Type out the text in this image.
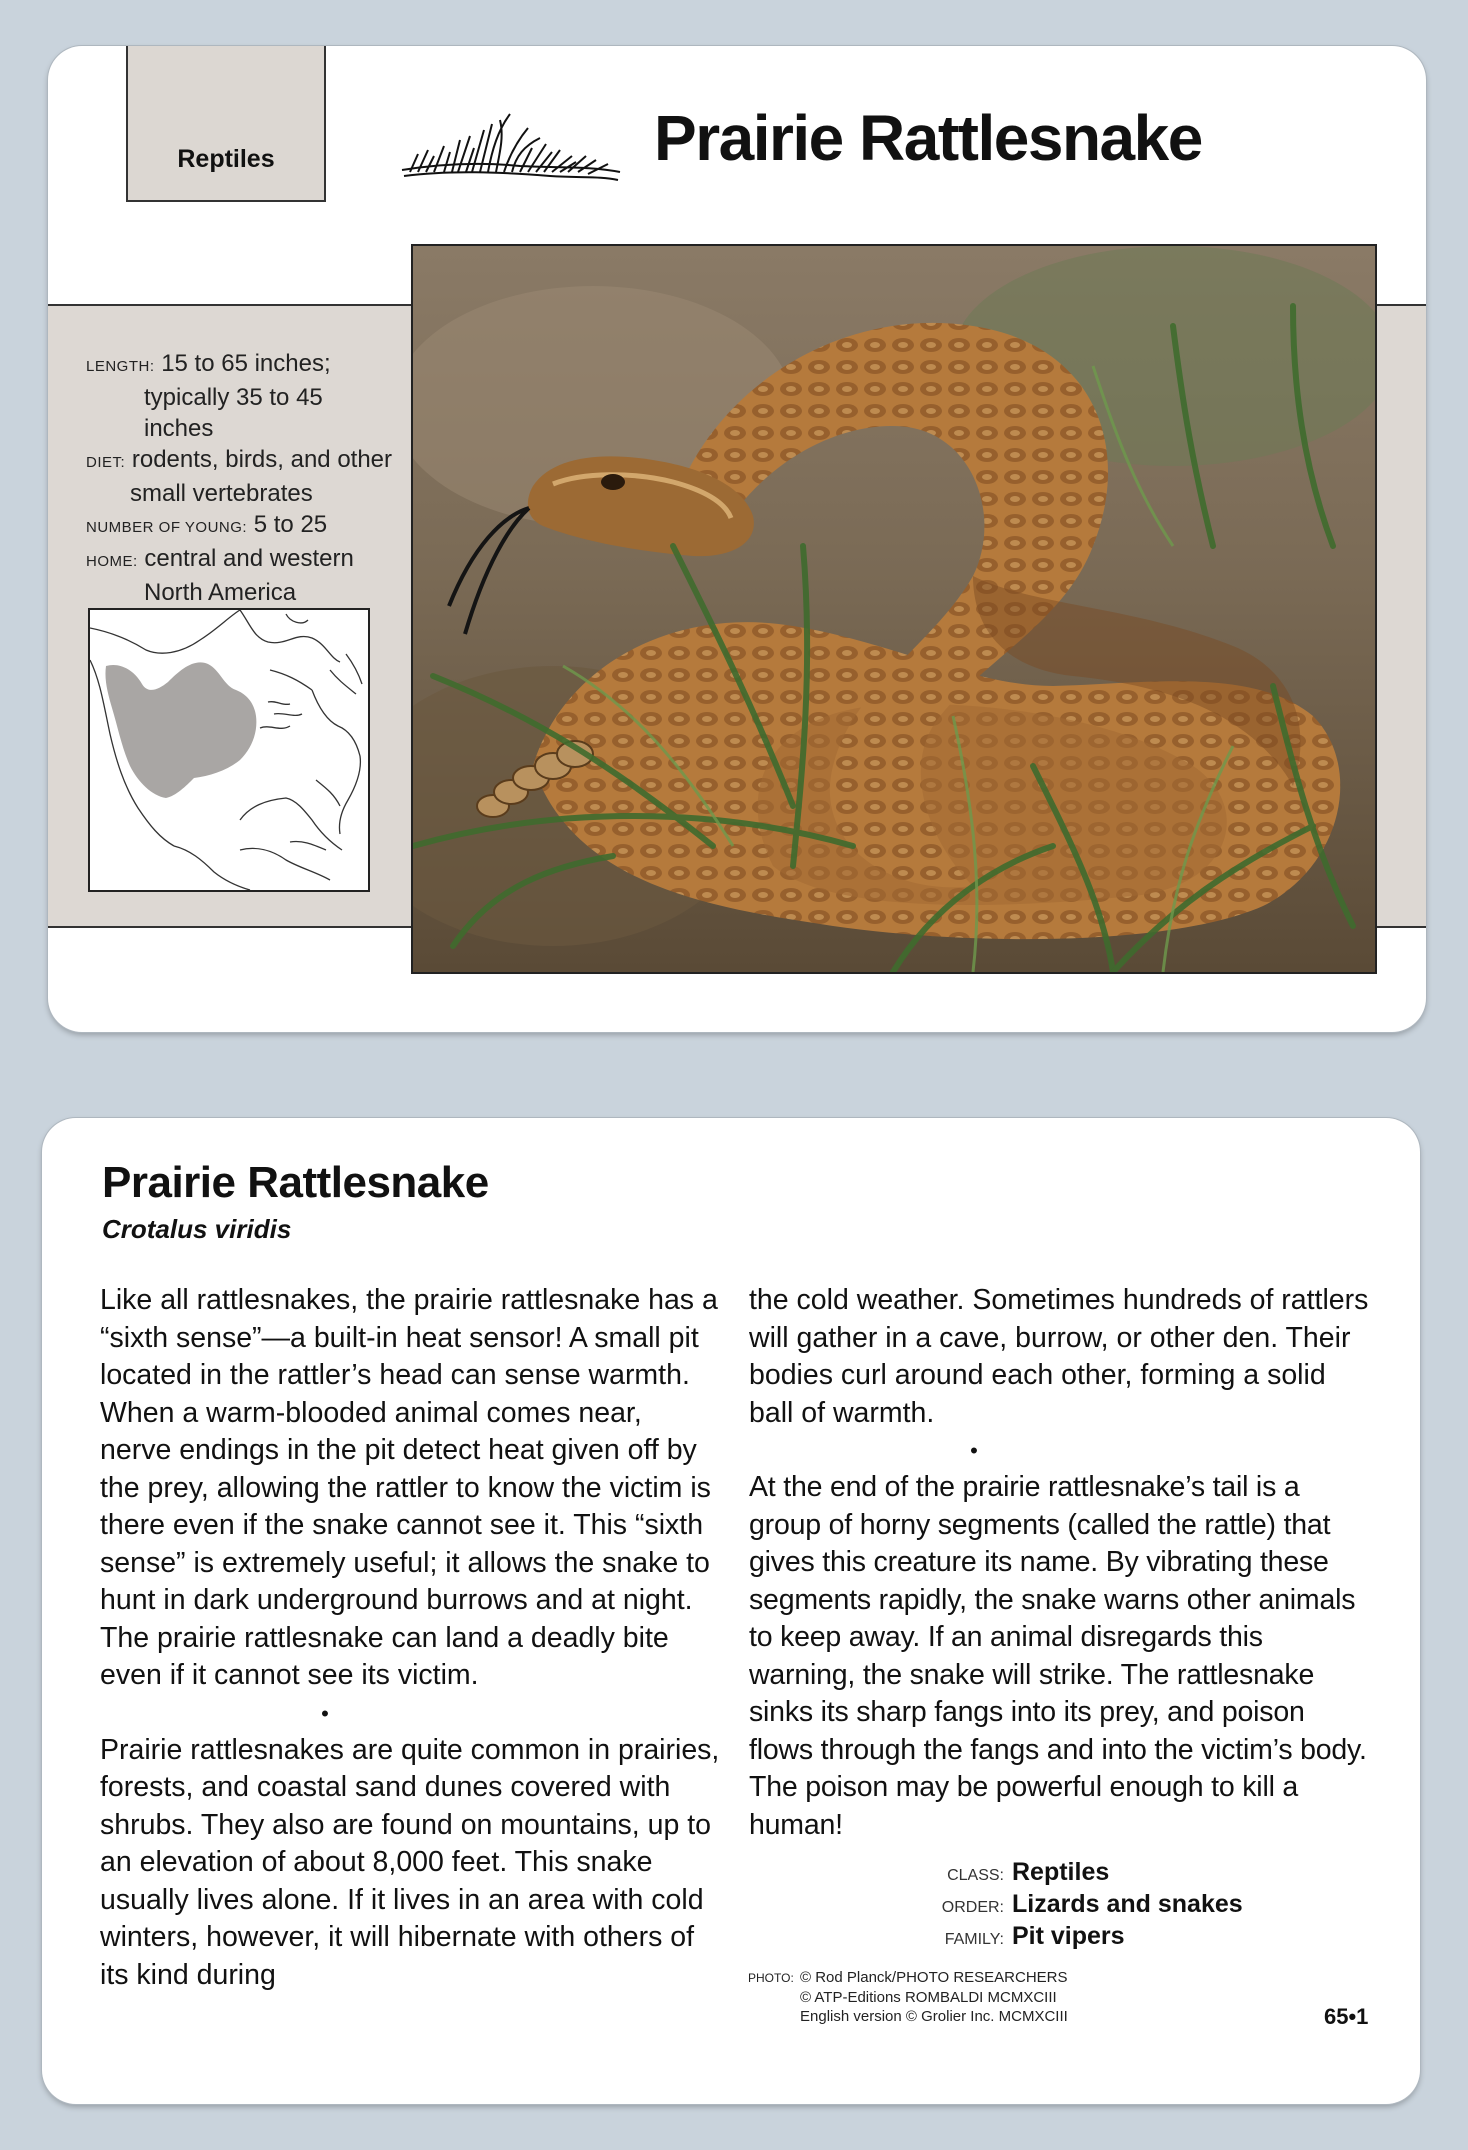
Reptiles	Prairie Rattlesnake
LENGTH: 15 to 65 inches;
typically 35 to 45
inches
DIET: rodents, birds, and other
small vertebrates
NUMBER OF YOUNG: 5 to 25
HOME: central and western
North America
Prairie Rattlesnake
Crotalus viridis

Like all rattlesnakes, the prairie rattlesnake has a “sixth sense”—a built-in heat sensor! A small pit located in the rattler’s head can sense warmth. When a warm-blooded animal comes near, nerve endings in the pit detect heat given off by the prey, allowing the rattler to know the victim is there even if the snake cannot see it. This “sixth sense” is extremely useful; it allows the snake to hunt in dark underground burrows and at night. The prairie rattlesnake can land a deadly bite even if it cannot see its victim.

•

Prairie rattlesnakes are quite common in prairies, forests, and coastal sand dunes covered with shrubs. They also are found on mountains, up to an elevation of about 8,000 feet. This snake usually lives alone. If it lives in an area with cold winters, however, it will hibernate with others of its kind during

the cold weather. Sometimes hundreds of rattlers will gather in a cave, burrow, or other den. Their bodies curl around each other, forming a solid ball of warmth.

•

At the end of the prairie rattlesnake’s tail is a group of horny segments (called the rattle) that gives this creature its name. By vibrating these segments rapidly, the snake warns other animals to keep away. If an animal disregards this warning, the snake will strike. The rattlesnake sinks its sharp fangs into its prey, and poison flows through the fangs and into the victim’s body. The poison may be powerful enough to kill a human!

CLASS: Reptiles
ORDER: Lizards and snakes
FAMILY: Pit vipers
PHOTO: © Rod Planck/PHOTO RESEARCHERS
© ATP-Editions ROMBALDI MCMXCIII
English version © Grolier Inc. MCMXCIII	65•1
